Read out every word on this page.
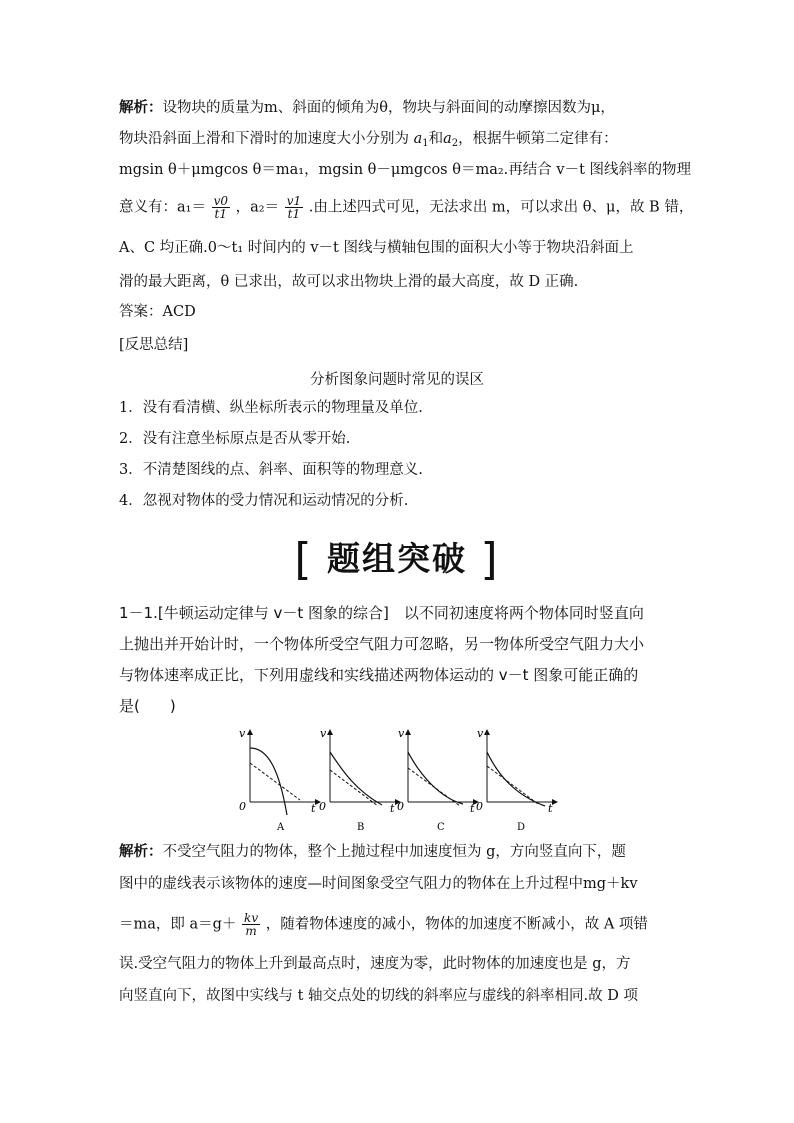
解析：设物块的质量为m、斜面的倾角为θ，物块与斜面间的动摩擦因数为μ，
物块沿斜面上滑和下滑时的加速度大小分别为 $a_1$和$a_2$，根据牛顿第二定律有：
mgsin θ＋μmgcos θ＝ma₁，mgsin θ－μmgcos θ＝ma₂.再结合 v－t 图线斜率的物理
意义有：$a_1= \frac{v0}{t1}$ ，$a_2= \frac{v1}{t1}$ .由上述四式可见，无法求出 m，可以求出 θ、μ，故 B 错，
A、C 均正确.0～t₁ 时间内的 v－t 图线与横轴包围的面积大小等于物块沿斜面上
滑的最大距离，θ 已求出，故可以求出物块上滑的最大高度，故 D 正确.
答案：ACD
[反思总结]
分析图象问题时常见的误区
1．没有看清横、纵坐标所表示的物理量及单位.
2．没有注意坐标原点是否从零开始.
3．不清楚图线的点、斜率、面积等的物理意义.
4．忽视对物体的受力情况和运动情况的分析.
[ 题组突破 ]
1－1.[牛顿运动定律与 v－t 图象的综合]　以不同初速度将两个物体同时竖直向
上抛出并开始计时，一个物体所受空气阻力可忽略，另一物体所受空气阻力大小
与物体速率成正比，下列用虚线和实线描述两物体运动的 v－t 图象可能正确的
是(　　)
v
0	t
A
v
0	t
B
v
0	t
C
v
0	t
D
解析：不受空气阻力的物体，整个上抛过程中加速度恒为 g，方向竖直向下，题
图中的虚线表示该物体的速度—时间图象受空气阻力的物体在上升过程中mg＋kv
＝ma，即 $a=g+ \frac{kv}{m}$ ，随着物体速度的减小，物体的加速度不断减小，故 A 项错
误.受空气阻力的物体上升到最高点时，速度为零，此时物体的加速度也是 g，方
向竖直向下，故图中实线与 t 轴交点处的切线的斜率应与虚线的斜率相同.故 D 项
